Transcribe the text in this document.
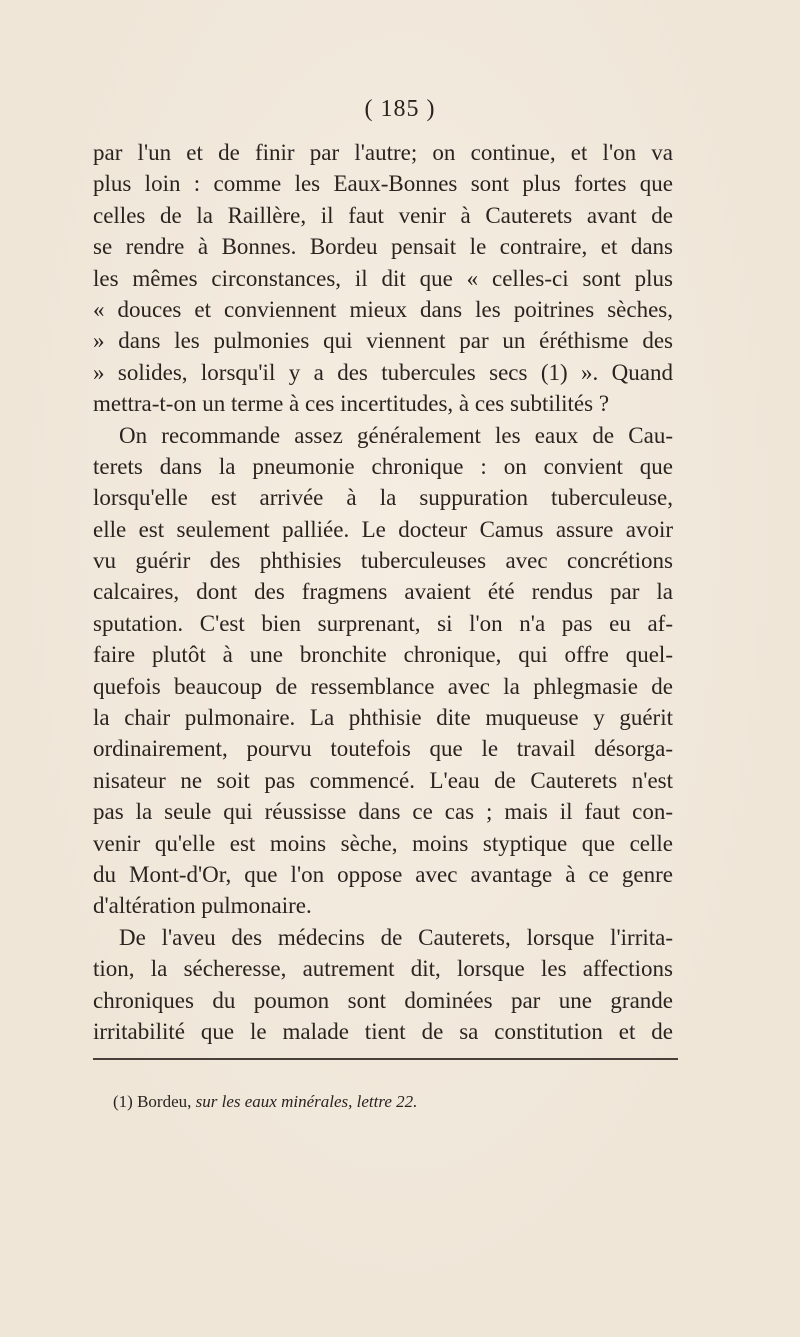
( 185 )
par l'un et de finir par l'autre; on continue, et l'on va
plus loin : comme les Eaux-Bonnes sont plus fortes que
celles de la Raillère, il faut venir à Cauterets avant de
se rendre à Bonnes. Bordeu pensait le contraire, et dans
les mêmes circonstances, il dit que « celles-ci sont plus
« douces et conviennent mieux dans les poitrines sèches,
» dans les pulmonies qui viennent par un éréthisme des
» solides, lorsqu'il y a des tubercules secs (1) ». Quand
mettra-t-on un terme à ces incertitudes, à ces subtilités ?
On recommande assez généralement les eaux de Cau-
terets dans la pneumonie chronique : on convient que
lorsqu'elle est arrivée à la suppuration tuberculeuse,
elle est seulement palliée. Le docteur Camus assure avoir
vu guérir des phthisies tuberculeuses avec concrétions
calcaires, dont des fragmens avaient été rendus par la
sputation. C'est bien surprenant, si l'on n'a pas eu af-
faire plutôt à une bronchite chronique, qui offre quel-
quefois beaucoup de ressemblance avec la phlegmasie de
la chair pulmonaire. La phthisie dite muqueuse y guérit
ordinairement, pourvu toutefois que le travail désorga-
nisateur ne soit pas commencé. L'eau de Cauterets n'est
pas la seule qui réussisse dans ce cas ; mais il faut con-
venir qu'elle est moins sèche, moins styptique que celle
du Mont-d'Or, que l'on oppose avec avantage à ce genre
d'altération pulmonaire.
De l'aveu des médecins de Cauterets, lorsque l'irrita-
tion, la sécheresse, autrement dit, lorsque les affections
chroniques du poumon sont dominées par une grande
irritabilité que le malade tient de sa constitution et de
(1) Bordeu, sur les eaux minérales, lettre 22.
